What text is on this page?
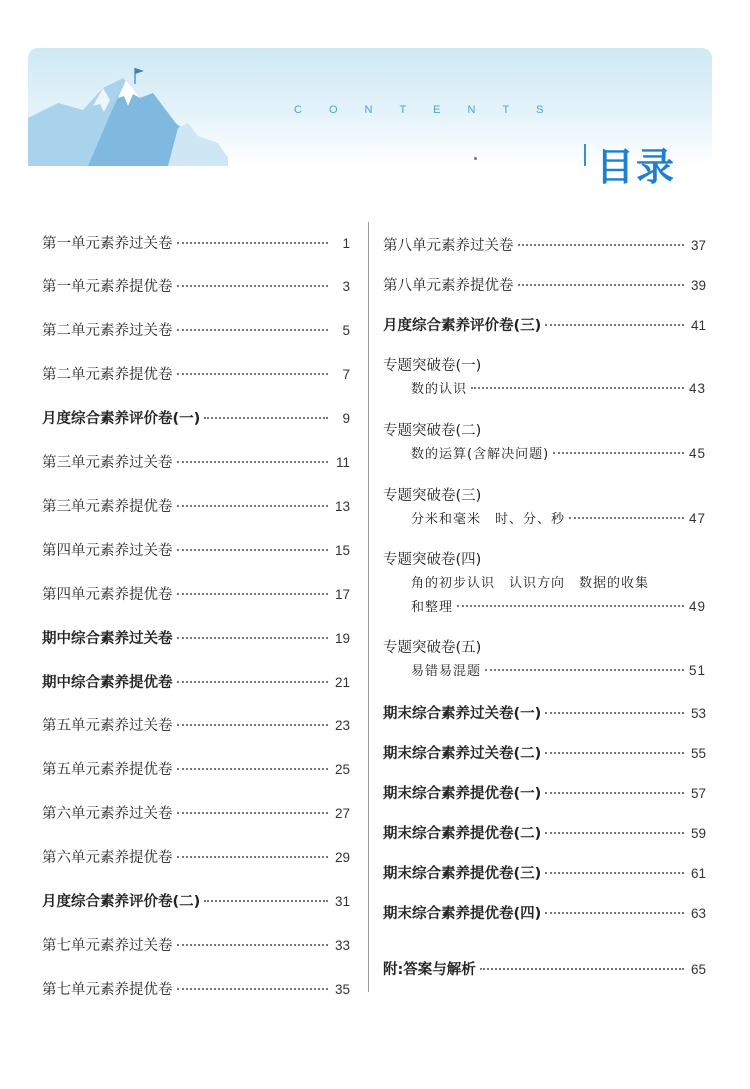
CONTENTS
目录
第一单元素养过关卷	1
第一单元素养提优卷	3
第二单元素养过关卷	5
第二单元素养提优卷	7
月度综合素养评价卷(一)	9
第三单元素养过关卷	11
第三单元素养提优卷	13
第四单元素养过关卷	15
第四单元素养提优卷	17
期中综合素养过关卷	19
期中综合素养提优卷	21
第五单元素养过关卷	23
第五单元素养提优卷	25
第六单元素养过关卷	27
第六单元素养提优卷	29
月度综合素养评价卷(二)	31
第七单元素养过关卷	33
第七单元素养提优卷	35
第八单元素养过关卷	37
第八单元素养提优卷	39
月度综合素养评价卷(三)	41
专题突破卷(一)
数的认识	43
专题突破卷(二)
数的运算(含解决问题)	45
专题突破卷(三)
分米和毫米　时、分、秒	47
专题突破卷(四)
角的初步认识　认识方向　数据的收集
和整理	49
专题突破卷(五)
易错易混题	51
期末综合素养过关卷(一)	53
期末综合素养过关卷(二)	55
期末综合素养提优卷(一)	57
期末综合素养提优卷(二)	59
期末综合素养提优卷(三)	61
期末综合素养提优卷(四)	63
附:答案与解析	65
